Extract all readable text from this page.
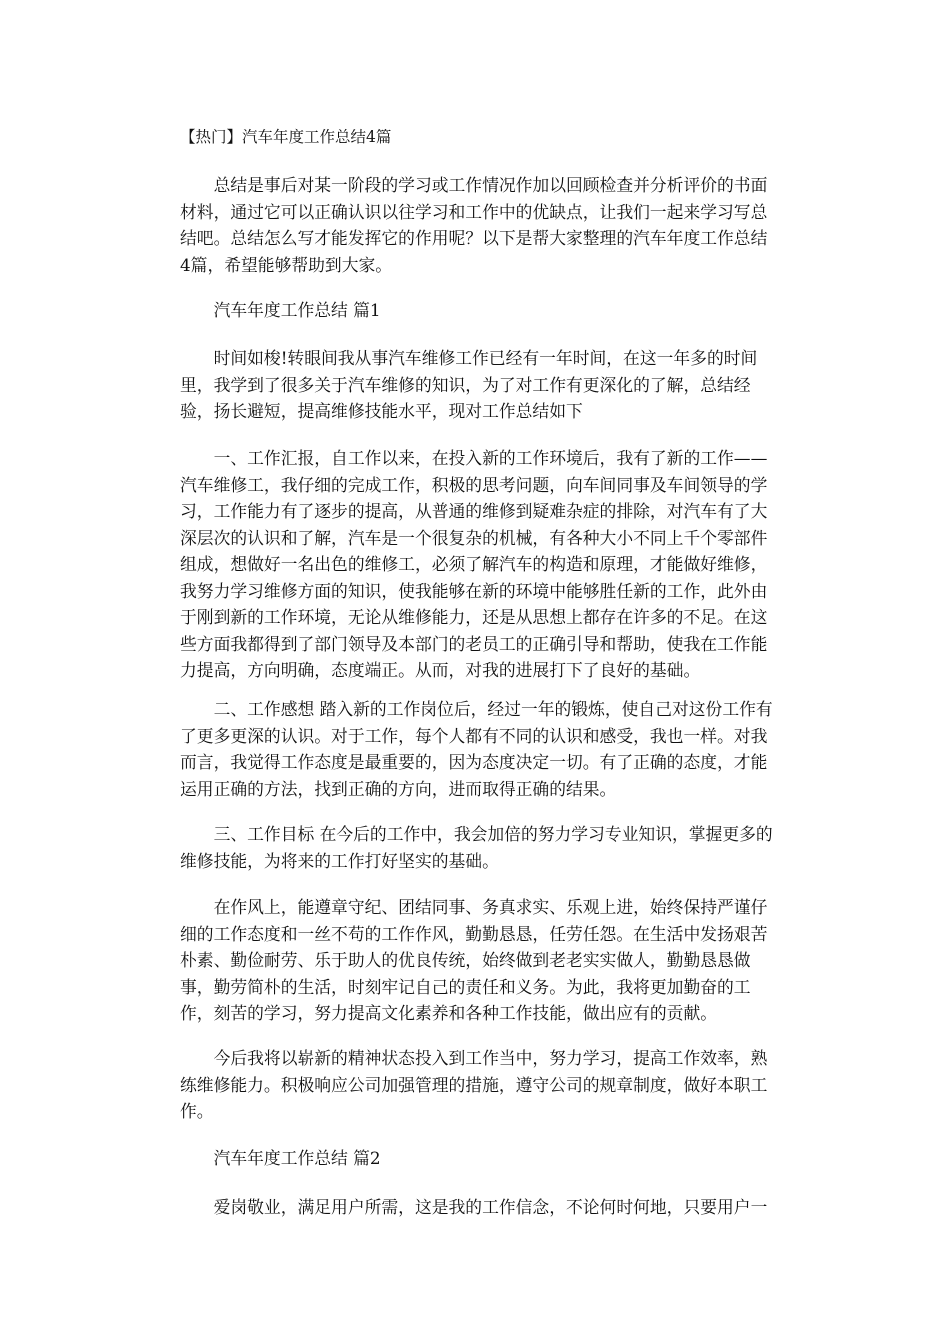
【热门】汽车年度工作总结4篇

　　总结是事后对某一阶段的学习或工作情况作加以回顾检查并分析评价的书面材料，通过它可以正确认识以往学习和工作中的优缺点，让我们一起来学习写总结吧。总结怎么写才能发挥它的作用呢？以下是帮大家整理的汽车年度工作总结4篇，希望能够帮助到大家。

　　汽车年度工作总结 篇1

　　时间如梭!转眼间我从事汽车维修工作已经有一年时间，在这一年多的时间里，我学到了很多关于汽车维修的知识，为了对工作有更深化的了解，总结经验，扬长避短，提高维修技能水平，现对工作总结如下

　　一、工作汇报，自工作以来，在投入新的工作环境后，我有了新的工作——汽车维修工，我仔细的完成工作，积极的思考问题，向车间同事及车间领导的学习，工作能力有了逐步的提高，从普通的维修到疑难杂症的排除，对汽车有了大深层次的认识和了解，汽车是一个很复杂的机械，有各种大小不同上千个零部件组成，想做好一名出色的维修工，必须了解汽车的构造和原理，才能做好维修，我努力学习维修方面的知识，使我能够在新的环境中能够胜任新的工作，此外由于刚到新的工作环境，无论从维修能力，还是从思想上都存在许多的不足。在这些方面我都得到了部门领导及本部门的老员工的正确引导和帮助，使我在工作能力提高，方向明确，态度端正。从而，对我的进展打下了良好的基础。

　　二、工作感想 踏入新的工作岗位后，经过一年的锻炼，使自己对这份工作有了更多更深的认识。对于工作，每个人都有不同的认识和感受，我也一样。对我而言，我觉得工作态度是最重要的，因为态度决定一切。有了正确的态度，才能运用正确的方法，找到正确的方向，进而取得正确的结果。

　　三、工作目标 在今后的工作中，我会加倍的努力学习专业知识，掌握更多的维修技能，为将来的工作打好坚实的基础。

　　在作风上，能遵章守纪、团结同事、务真求实、乐观上进，始终保持严谨仔细的工作态度和一丝不苟的工作作风，勤勤恳恳，任劳任怨。在生活中发扬艰苦朴素、勤俭耐劳、乐于助人的优良传统，始终做到老老实实做人，勤勤恳恳做事，勤劳简朴的生活，时刻牢记自己的责任和义务。为此，我将更加勤奋的工作，刻苦的学习，努力提高文化素养和各种工作技能，做出应有的贡献。

　　今后我将以崭新的精神状态投入到工作当中，努力学习，提高工作效率，熟练维修能力。积极响应公司加强管理的措施，遵守公司的规章制度，做好本职工作。

　　汽车年度工作总结 篇2

　　爱岗敬业，满足用户所需，这是我的工作信念，不论何时何地，只要用户一
